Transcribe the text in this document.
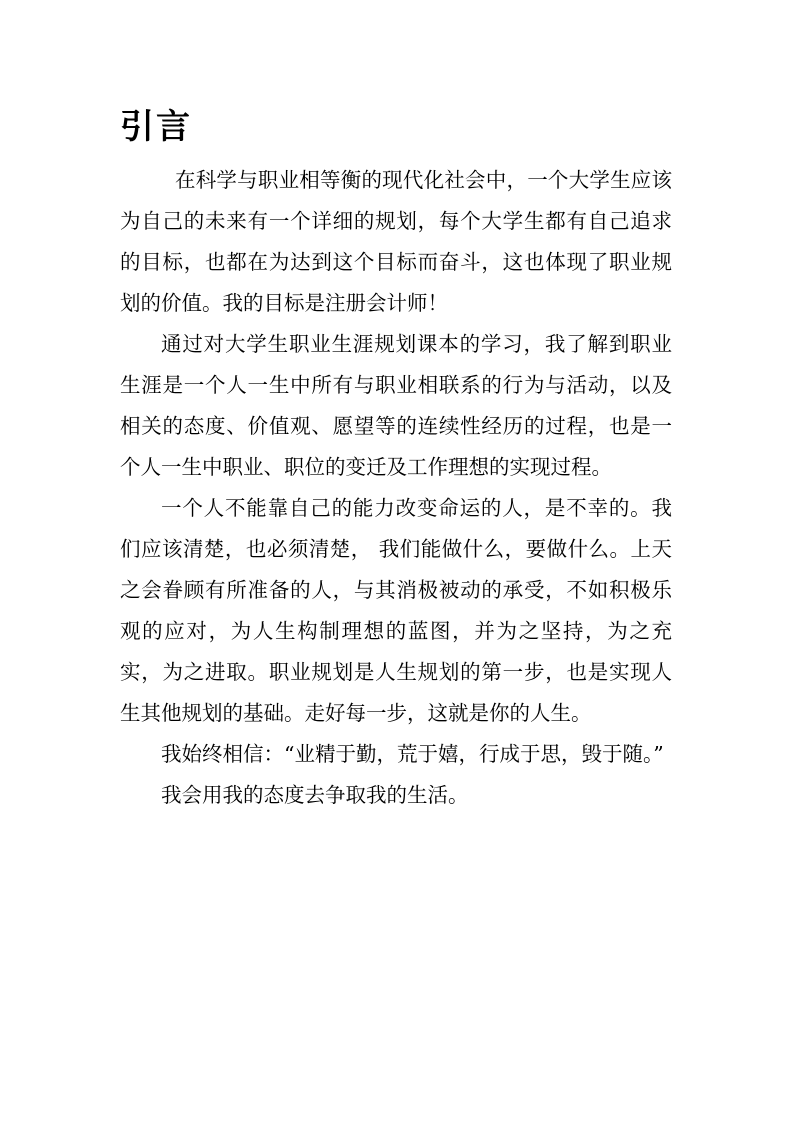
引言

在科学与职业相等衡的现代化社会中，一个大学生应该为自己的未来有一个详细的规划，每个大学生都有自己追求的目标，也都在为达到这个目标而奋斗，这也体现了职业规划的价值。我的目标是注册会计师！

通过对大学生职业生涯规划课本的学习，我了解到职业生涯是一个人一生中所有与职业相联系的行为与活动，以及相关的态度、价值观、愿望等的连续性经历的过程，也是一个人一生中职业、职位的变迁及工作理想的实现过程。

一个人不能靠自己的能力改变命运的人，是不幸的。我们应该清楚，也必须清楚， 我们能做什么，要做什么。上天之会眷顾有所准备的人，与其消极被动的承受，不如积极乐观的应对，为人生构制理想的蓝图，并为之坚持，为之充实，为之进取。职业规划是人生规划的第一步，也是实现人生其他规划的基础。走好每一步，这就是你的人生。

我始终相信：“业精于勤，荒于嬉，行成于思，毁于随。”

我会用我的态度去争取我的生活。
